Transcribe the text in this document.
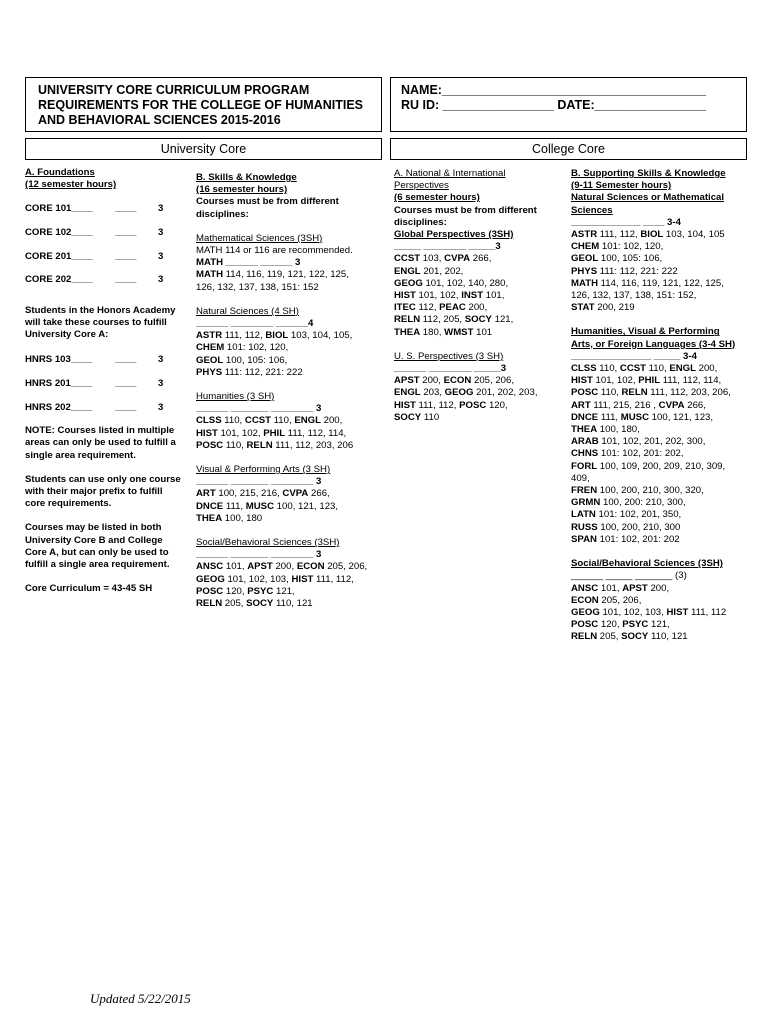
UNIVERSITY CORE CURRICULUM PROGRAM
REQUIREMENTS FOR THE COLLEGE OF HUMANITIES
AND BEHAVIORAL SCIENCES 2015-2016
NAME:______________________________________
RU ID: ________________ DATE:________________
University Core	College Core
A. Foundations
(12 semester hours)
CORE 101____	____	3
CORE 102____	____	3
CORE 201____	____	3
CORE 202____	____	3
Students in the Honors Academy
will take these courses to fulfill
University Core A:
HNRS 103____	____	3
HNRS 201____	____	3
HNRS 202____	____	3
NOTE: Courses listed in multiple
areas can only be used to fulfill a
single area requirement.
Students can use only one course
with their major prefix to fulfill
core requirements.
Courses may be listed in both
University Core B and College
Core A, but can only be used to
fulfill a single area requirement.
Core Curriculum = 43-45 SH
B. Skills & Knowledge
(16 semester hours)
Courses must be from different
disciplines:
Mathematical Sciences (3SH)
MATH 114 or 116 are recommended.
MATH ______ ______ 3
MATH 114, 116, 119, 121, 122, 125,
126, 132, 137, 138, 151: 152
Natural Sciences (4 SH)
______ ________ ______4
ASTR 111, 112, BIOL 103, 104, 105,
CHEM 101: 102, 120,
GEOL 100, 105: 106,
PHYS 111: 112, 221: 222
Humanities (3 SH)
______ _______ ________ 3
CLSS 110, CCST 110, ENGL 200,
HIST 101, 102, PHIL 111, 112, 114,
POSC 110, RELN 111, 112, 203, 206
Visual & Performing Arts (3 SH)
______ _______ ________ 3
ART 100, 215, 216, CVPA 266,
DNCE 111, MUSC 100, 121, 123,
THEA 100, 180
Social/Behavioral Sciences (3SH)
______ _______ ________ 3
ANSC 101, APST 200, ECON 205, 206,
GEOG 101, 102, 103, HIST 111, 112,
POSC 120, PSYC 121,
RELN 205, SOCY 110, 121
A. National & International
Perspectives
(6 semester hours)
Courses must be from different
disciplines:
Global Perspectives (3SH)
_____ ________ _____3
CCST 103, CVPA 266,
ENGL 201, 202,
GEOG 101, 102, 140, 280,
HIST 101, 102, INST 101,
ITEC 112, PEAC 200,
RELN 112, 205, SOCY 121,
THEA 180, WMST 101
U. S. Perspectives (3 SH)
______ ________ _____3
APST 200, ECON 205, 206,
ENGL 203, GEOG 201, 202, 203,
HIST 111, 112, POSC 120,
SOCY 110
B. Supporting Skills & Knowledge
(9-11 Semester hours)
Natural Sciences or Mathematical
Sciences
_____________ ____ 3-4
ASTR 111, 112, BIOL 103, 104, 105
CHEM 101: 102, 120,
GEOL 100, 105: 106,
PHYS 111: 112, 221: 222
MATH 114, 116, 119, 121, 122, 125,
126, 132, 137, 138, 151: 152,
STAT 200, 219
Humanities, Visual & Performing
Arts, or Foreign Languages (3-4 SH)
_______________ _____ 3-4
CLSS 110, CCST 110, ENGL 200,
HIST 101, 102, PHIL 111, 112, 114,
POSC 110, RELN 111, 112, 203, 206,
ART 111, 215, 216 , CVPA 266,
DNCE 111, MUSC 100, 121, 123,
THEA 100, 180,
ARAB 101, 102, 201, 202, 300,
CHNS 101: 102, 201: 202,
FORL 100, 109, 200, 209, 210, 309,
409,
FREN 100, 200, 210, 300, 320,
GRMN 100, 200: 210, 300,
LATN 101: 102, 201, 350,
RUSS 100, 200, 210, 300
SPAN 101: 102, 201: 202
Social/Behavioral Sciences (3SH)
______ _____ _______ (3)
ANSC 101, APST 200,
ECON 205, 206,
GEOG 101, 102, 103, HIST 111, 112
POSC 120, PSYC 121,
RELN 205, SOCY 110, 121
Updated 5/22/2015
